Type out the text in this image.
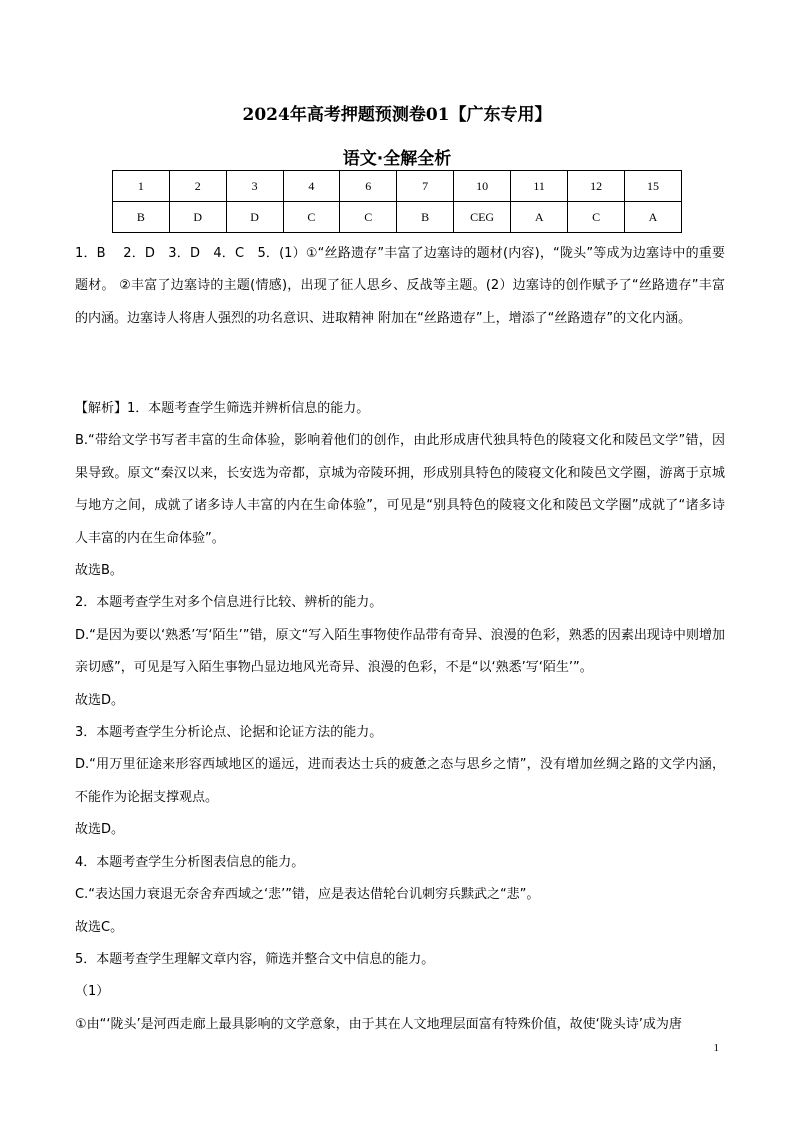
2024年高考押题预测卷01【广东专用】
语文·全解全析
1	2	3	4	6	7	10	11	12	15
B	D	D	C	C	B	CEG	A	C	A

1．B　 2．D　3．D　4．C　5．(1）①“丝路遗存”丰富了边塞诗的题材(内容)，“陇头”等成为边塞诗中的重要题材。 ②丰富了边塞诗的主题(情感)，出现了征人思乡、反战等主题。(2）边塞诗的创作赋予了“丝路遗存”丰富的内涵。边塞诗人将唐人强烈的功名意识、进取精神 附加在“丝路遗存”上，增添了“丝路遗存”的文化内涵。

【解析】1．本题考查学生筛选并辨析信息的能力。

B.“带给文学书写者丰富的生命体验，影响着他们的创作，由此形成唐代独具特色的陵寝文化和陵邑文学”错，因果导致。原文“秦汉以来，长安选为帝都，京城为帝陵环拥，形成别具特色的陵寝文化和陵邑文学圈，游离于京城与地方之间，成就了诸多诗人丰富的内在生命体验”，可见是“别具特色的陵寝文化和陵邑文学圈”成就了“诸多诗人丰富的内在生命体验”。

故选B。

2．本题考查学生对多个信息进行比较、辨析的能力。

D.“是因为要以‘熟悉’写‘陌生’”错，原文“写入陌生事物使作品带有奇异、浪漫的色彩，熟悉的因素出现诗中则增加亲切感”，可见是写入陌生事物凸显边地风光奇异、浪漫的色彩，不是“以‘熟悉’写‘陌生’”。

故选D。

3．本题考查学生分析论点、论据和论证方法的能力。

D.“用万里征途来形容西域地区的遥远，进而表达士兵的疲惫之态与思乡之情”，没有增加丝绸之路的文学内涵，不能作为论据支撑观点。

故选D。

4．本题考查学生分析图表信息的能力。

C.“表达国力衰退无奈舍弃西域之‘悲’”错，应是表达借轮台讥刺穷兵黩武之“悲”。

故选C。

5．本题考查学生理解文章内容，筛选并整合文中信息的能力。

（1）

①由“‘陇头’是河西走廊上最具影响的文学意象，由于其在人文地理层面富有特殊价值，故使‘陇头诗’成为唐

1
